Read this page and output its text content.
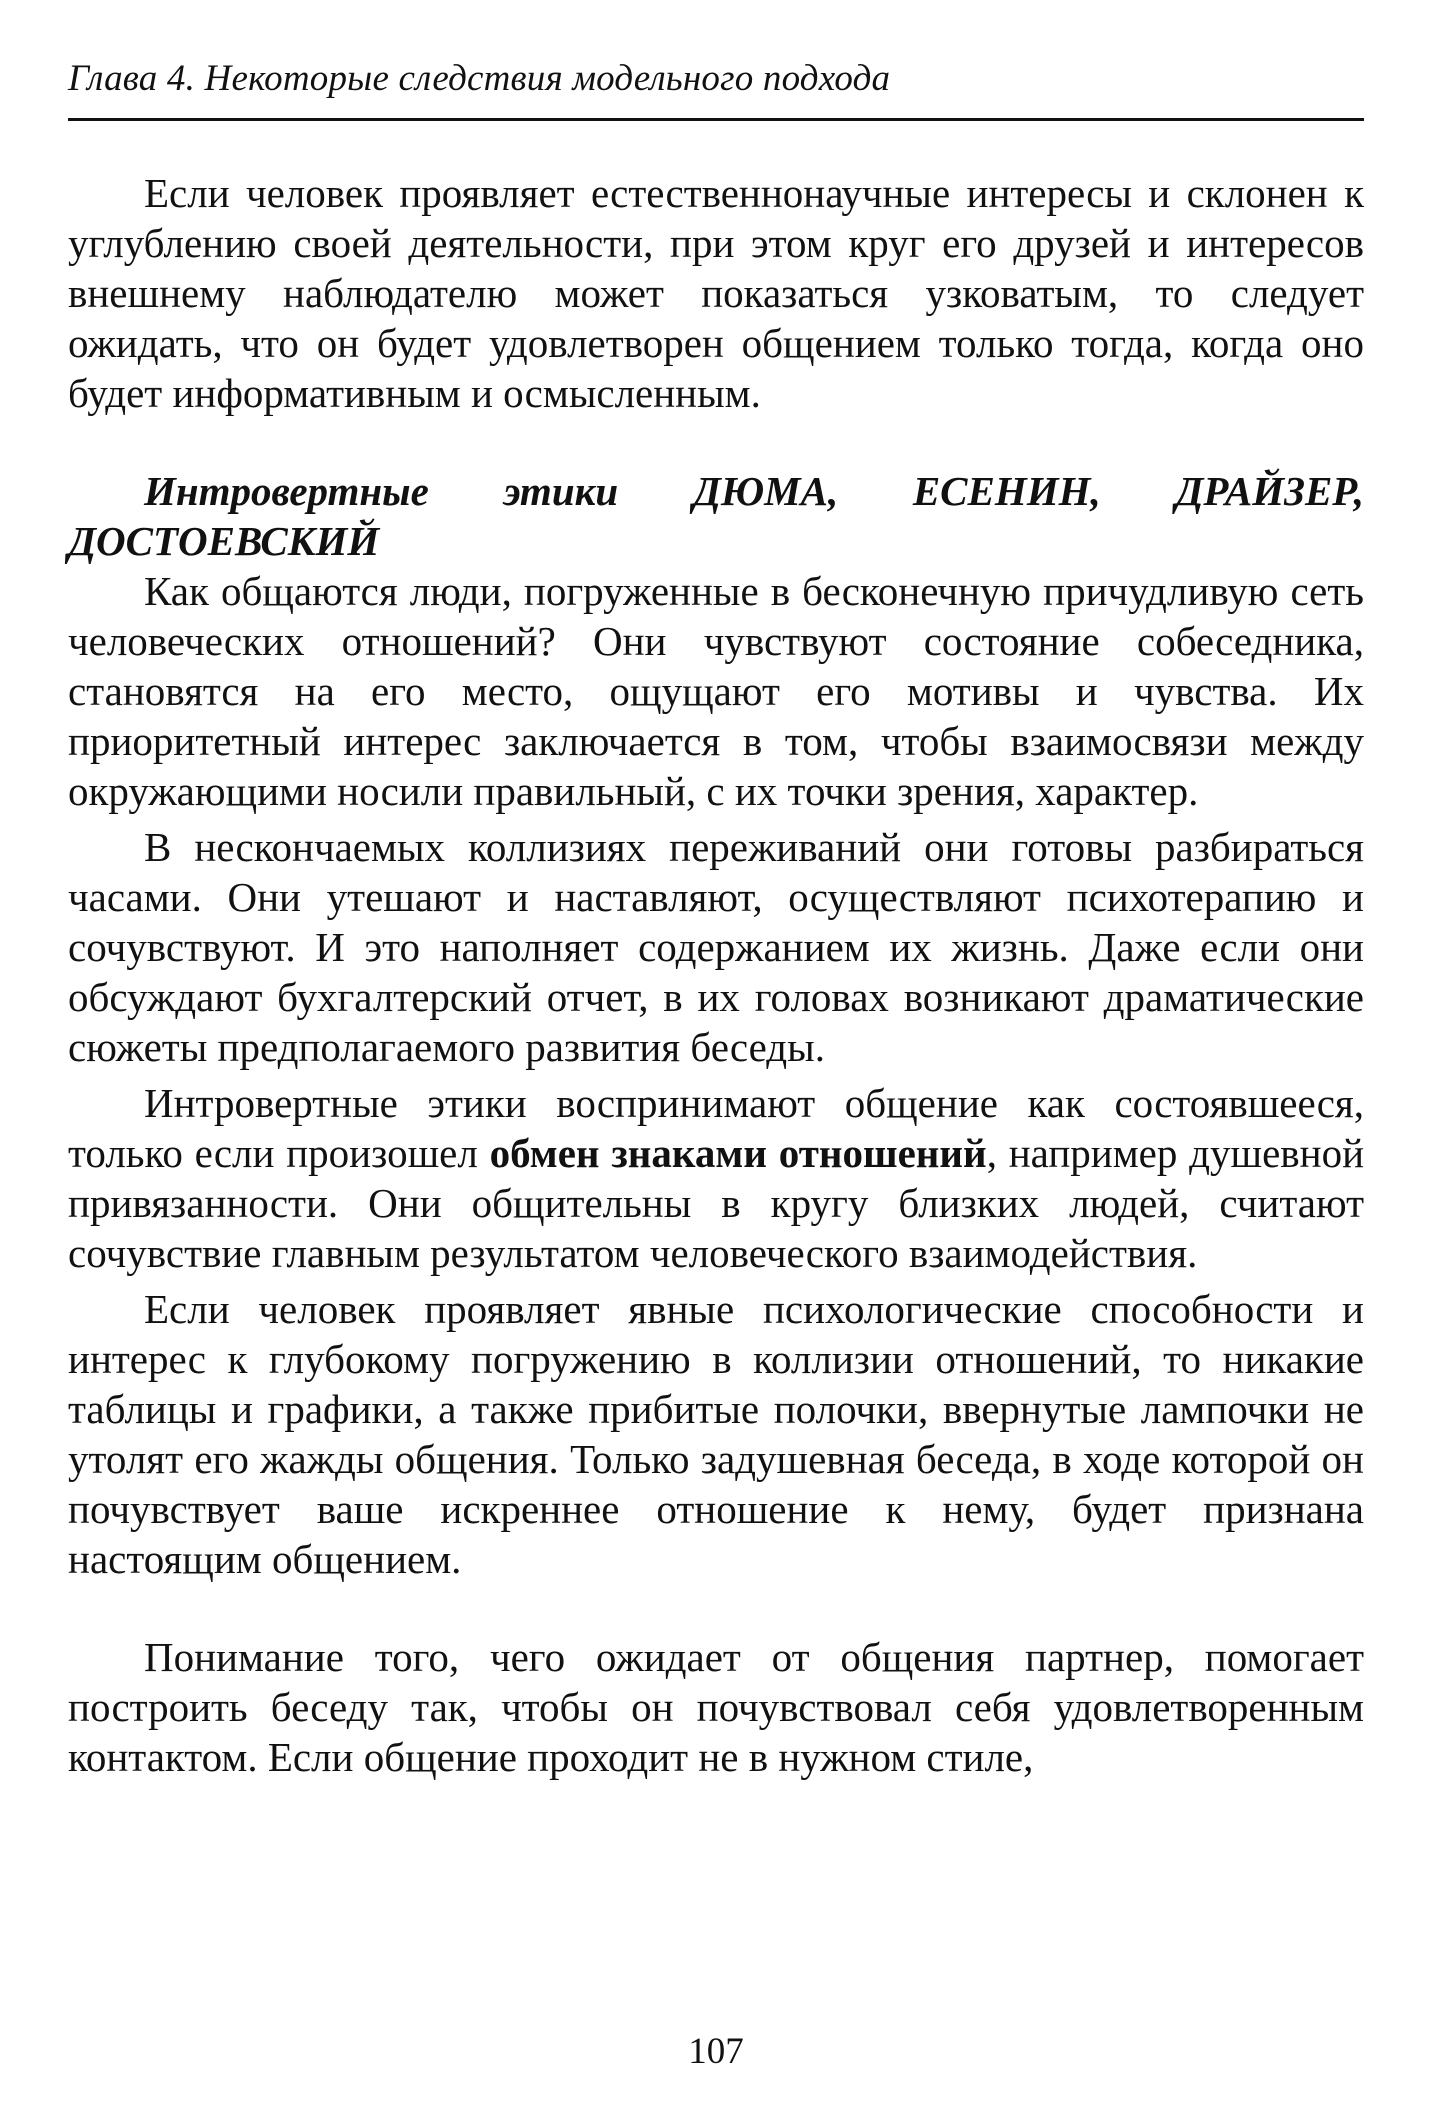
Глава 4. Некоторые следствия модельного подхода

Если человек проявляет естественнонаучные интересы и склонен к углублению своей деятельности, при этом круг его друзей и интересов внешнему наблюдателю может показаться узковатым, то следует ожидать, что он будет удовлетворен общением только тогда, когда оно будет информативным и осмысленным.

Интровертные этики ДЮМА, ЕСЕНИН, ДРАЙЗЕР, ДОСТОЕВСКИЙ

Как общаются люди, погруженные в бесконечную причудливую сеть человеческих отношений? Они чувствуют состояние собеседника, становятся на его место, ощущают его мотивы и чувства. Их приоритетный интерес заключается в том, чтобы взаимосвязи между окружающими носили правильный, с их точки зрения, характер.

В нескончаемых коллизиях переживаний они готовы разбираться часами. Они утешают и наставляют, осуществляют психотерапию и сочувствуют. И это наполняет содержанием их жизнь. Даже если они обсуждают бухгалтерский отчет, в их головах возникают драматические сюжеты предполагаемого развития беседы.

Интровертные этики воспринимают общение как состоявшееся, только если произошел обмен знаками отношений, например душевной привязанности. Они общительны в кругу близких людей, считают сочувствие главным результатом человеческого взаимодействия.

Если человек проявляет явные психологические способности и интерес к глубокому погружению в коллизии отношений, то никакие таблицы и графики, а также прибитые полочки, ввернутые лампочки не утолят его жажды общения. Только задушевная беседа, в ходе которой он почувствует ваше искреннее отношение к нему, будет признана настоящим общением.

Понимание того, чего ожидает от общения партнер, помогает построить беседу так, чтобы он почувствовал себя удовлетворенным контактом. Если общение проходит не в нужном стиле,

107
